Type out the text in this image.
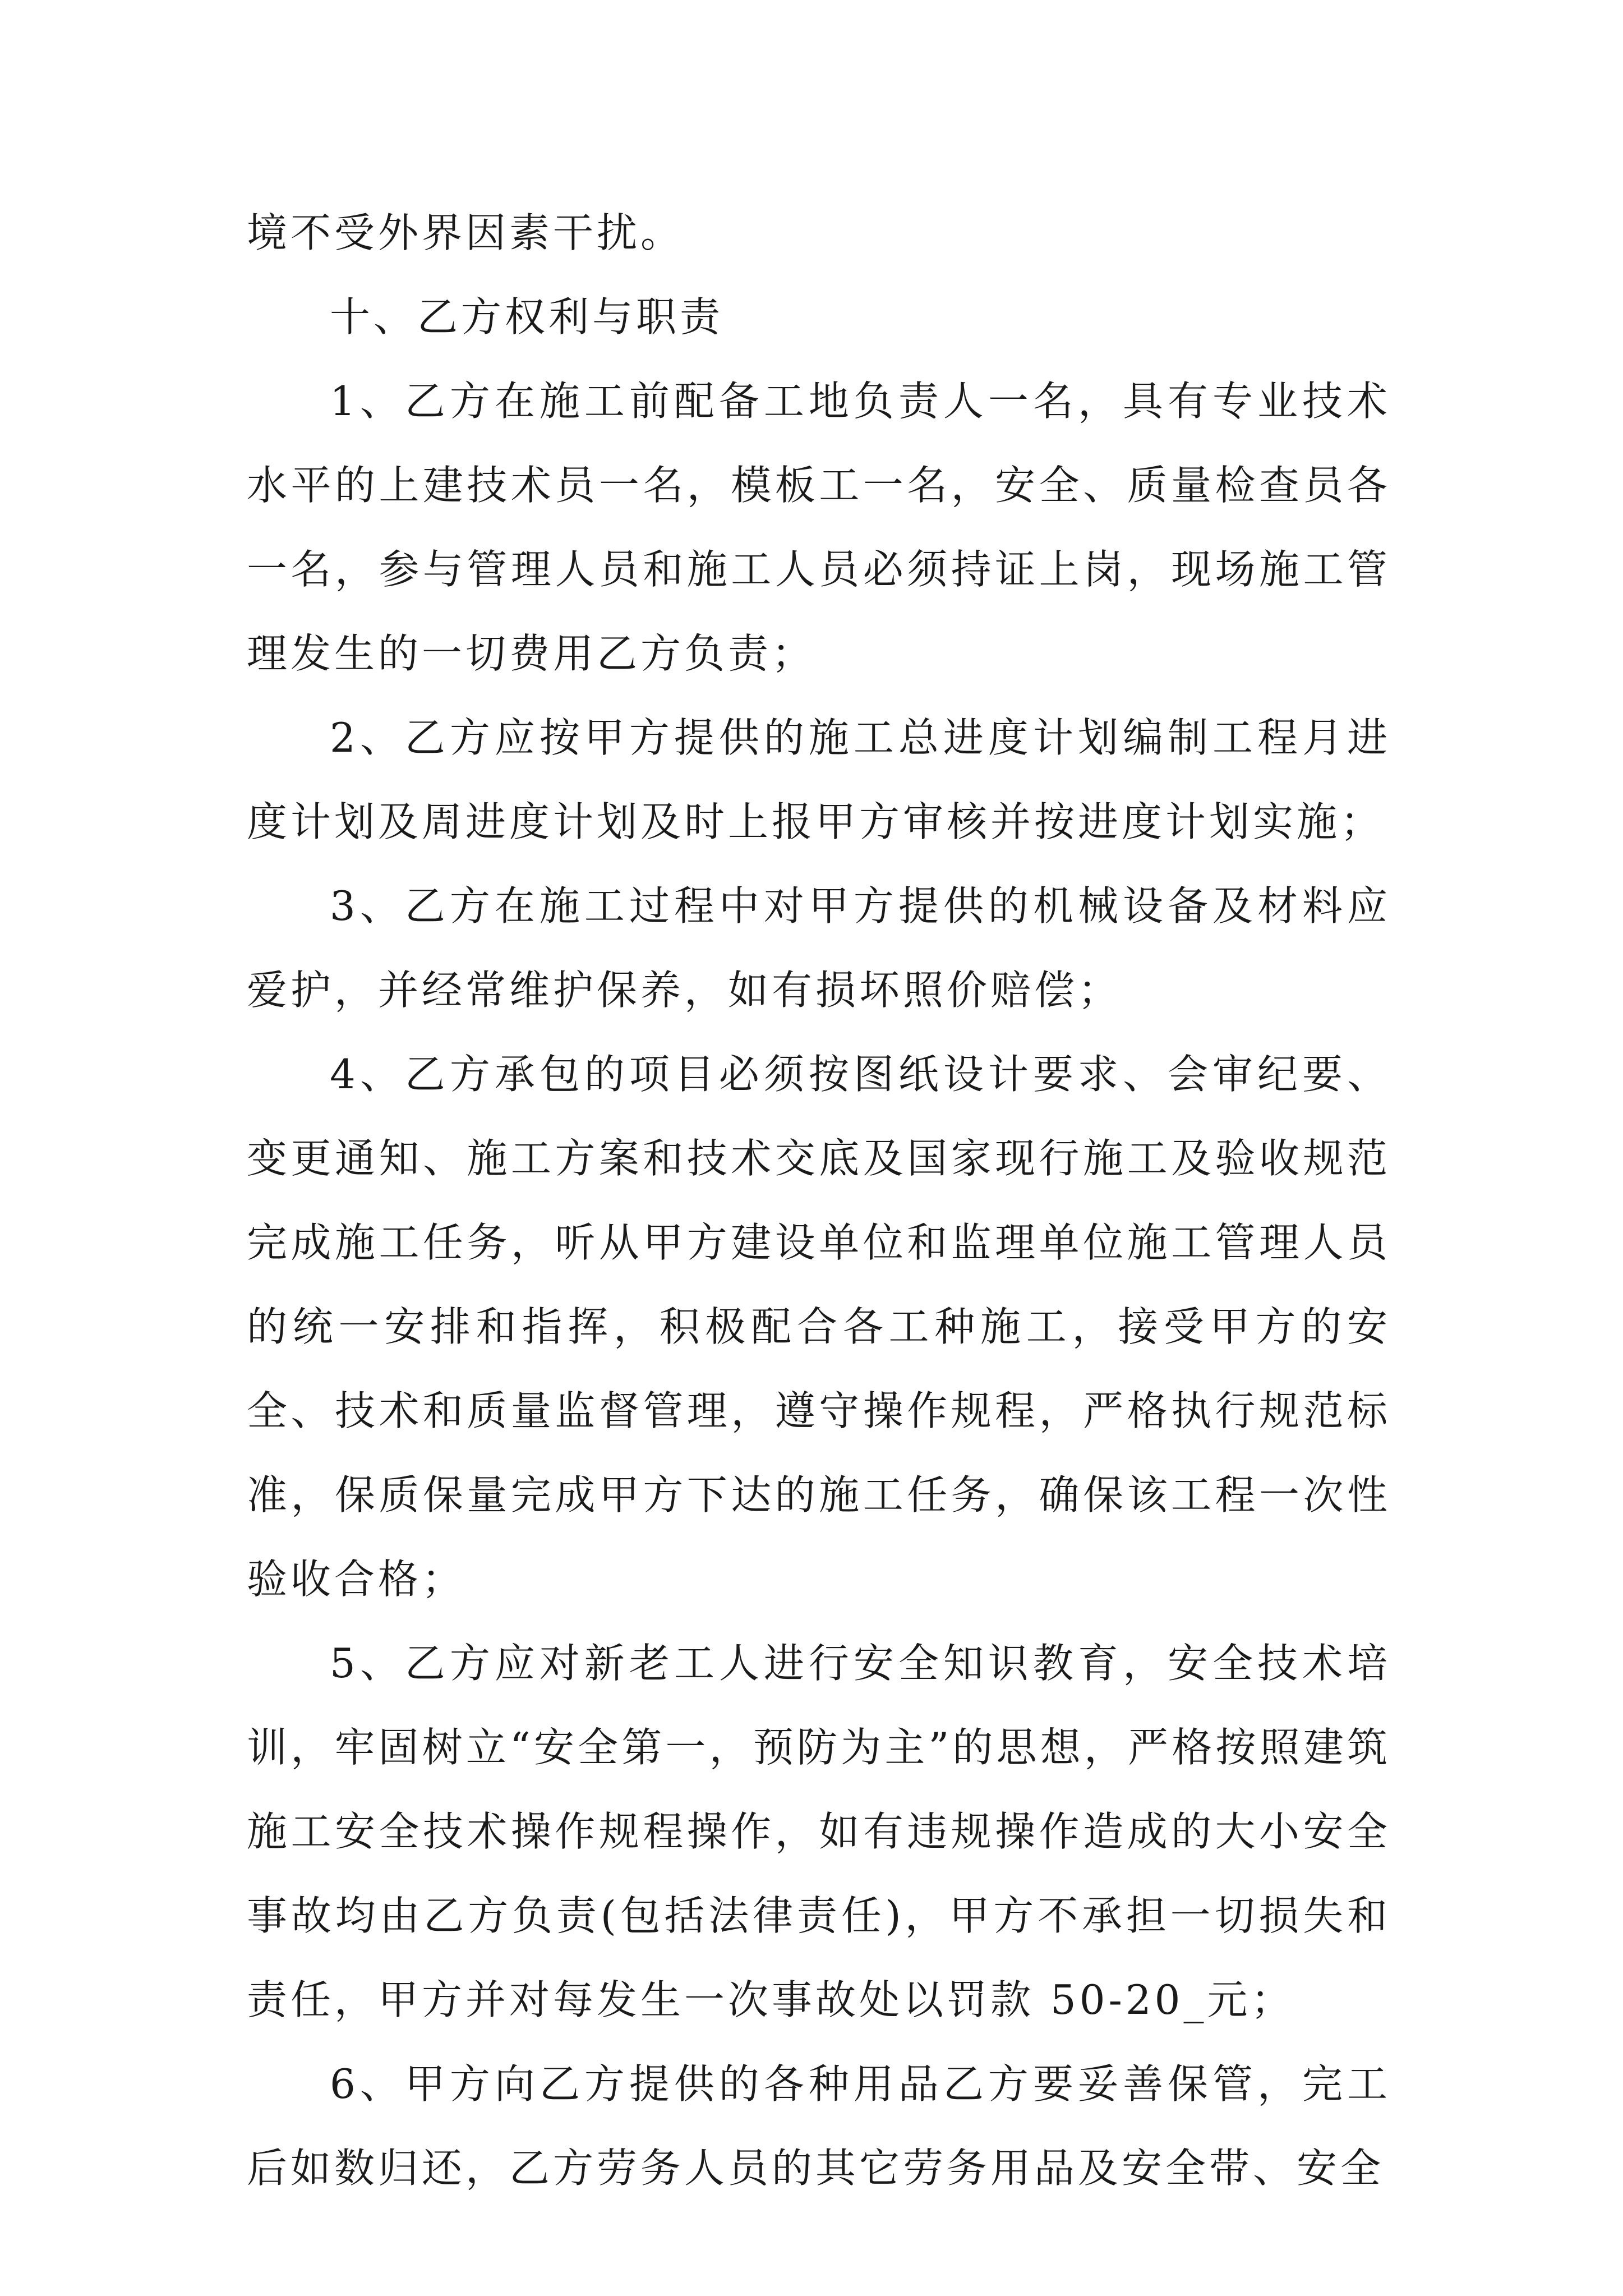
境不受外界因素干扰。

十、乙方权利与职责

1、乙方在施工前配备工地负责人一名，具有专业技术水平的上建技术员一名，模板工一名，安全、质量检查员各一名，参与管理人员和施工人员必须持证上岗，现场施工管理发生的一切费用乙方负责；

2、乙方应按甲方提供的施工总进度计划编制工程月进度计划及周进度计划及时上报甲方审核并按进度计划实施；

3、乙方在施工过程中对甲方提供的机械设备及材料应爱护，并经常维护保养，如有损坏照价赔偿；

4、乙方承包的项目必须按图纸设计要求、会审纪要、变更通知、施工方案和技术交底及国家现行施工及验收规范完成施工任务，听从甲方建设单位和监理单位施工管理人员的统一安排和指挥，积极配合各工种施工，接受甲方的安全、技术和质量监督管理，遵守操作规程，严格执行规范标准，保质保量完成甲方下达的施工任务，确保该工程一次性验收合格；

5、乙方应对新老工人进行安全知识教育，安全技术培训，牢固树立“安全第一，预防为主”的思想，严格按照建筑施工安全技术操作规程操作，如有违规操作造成的大小安全事故均由乙方负责(包括法律责任)，甲方不承担一切损失和责任，甲方并对每发生一次事故处以罚款 50-20_元；

6、甲方向乙方提供的各种用品乙方要妥善保管，完工后如数归还，乙方劳务人员的其它劳务用品及安全带、安全
